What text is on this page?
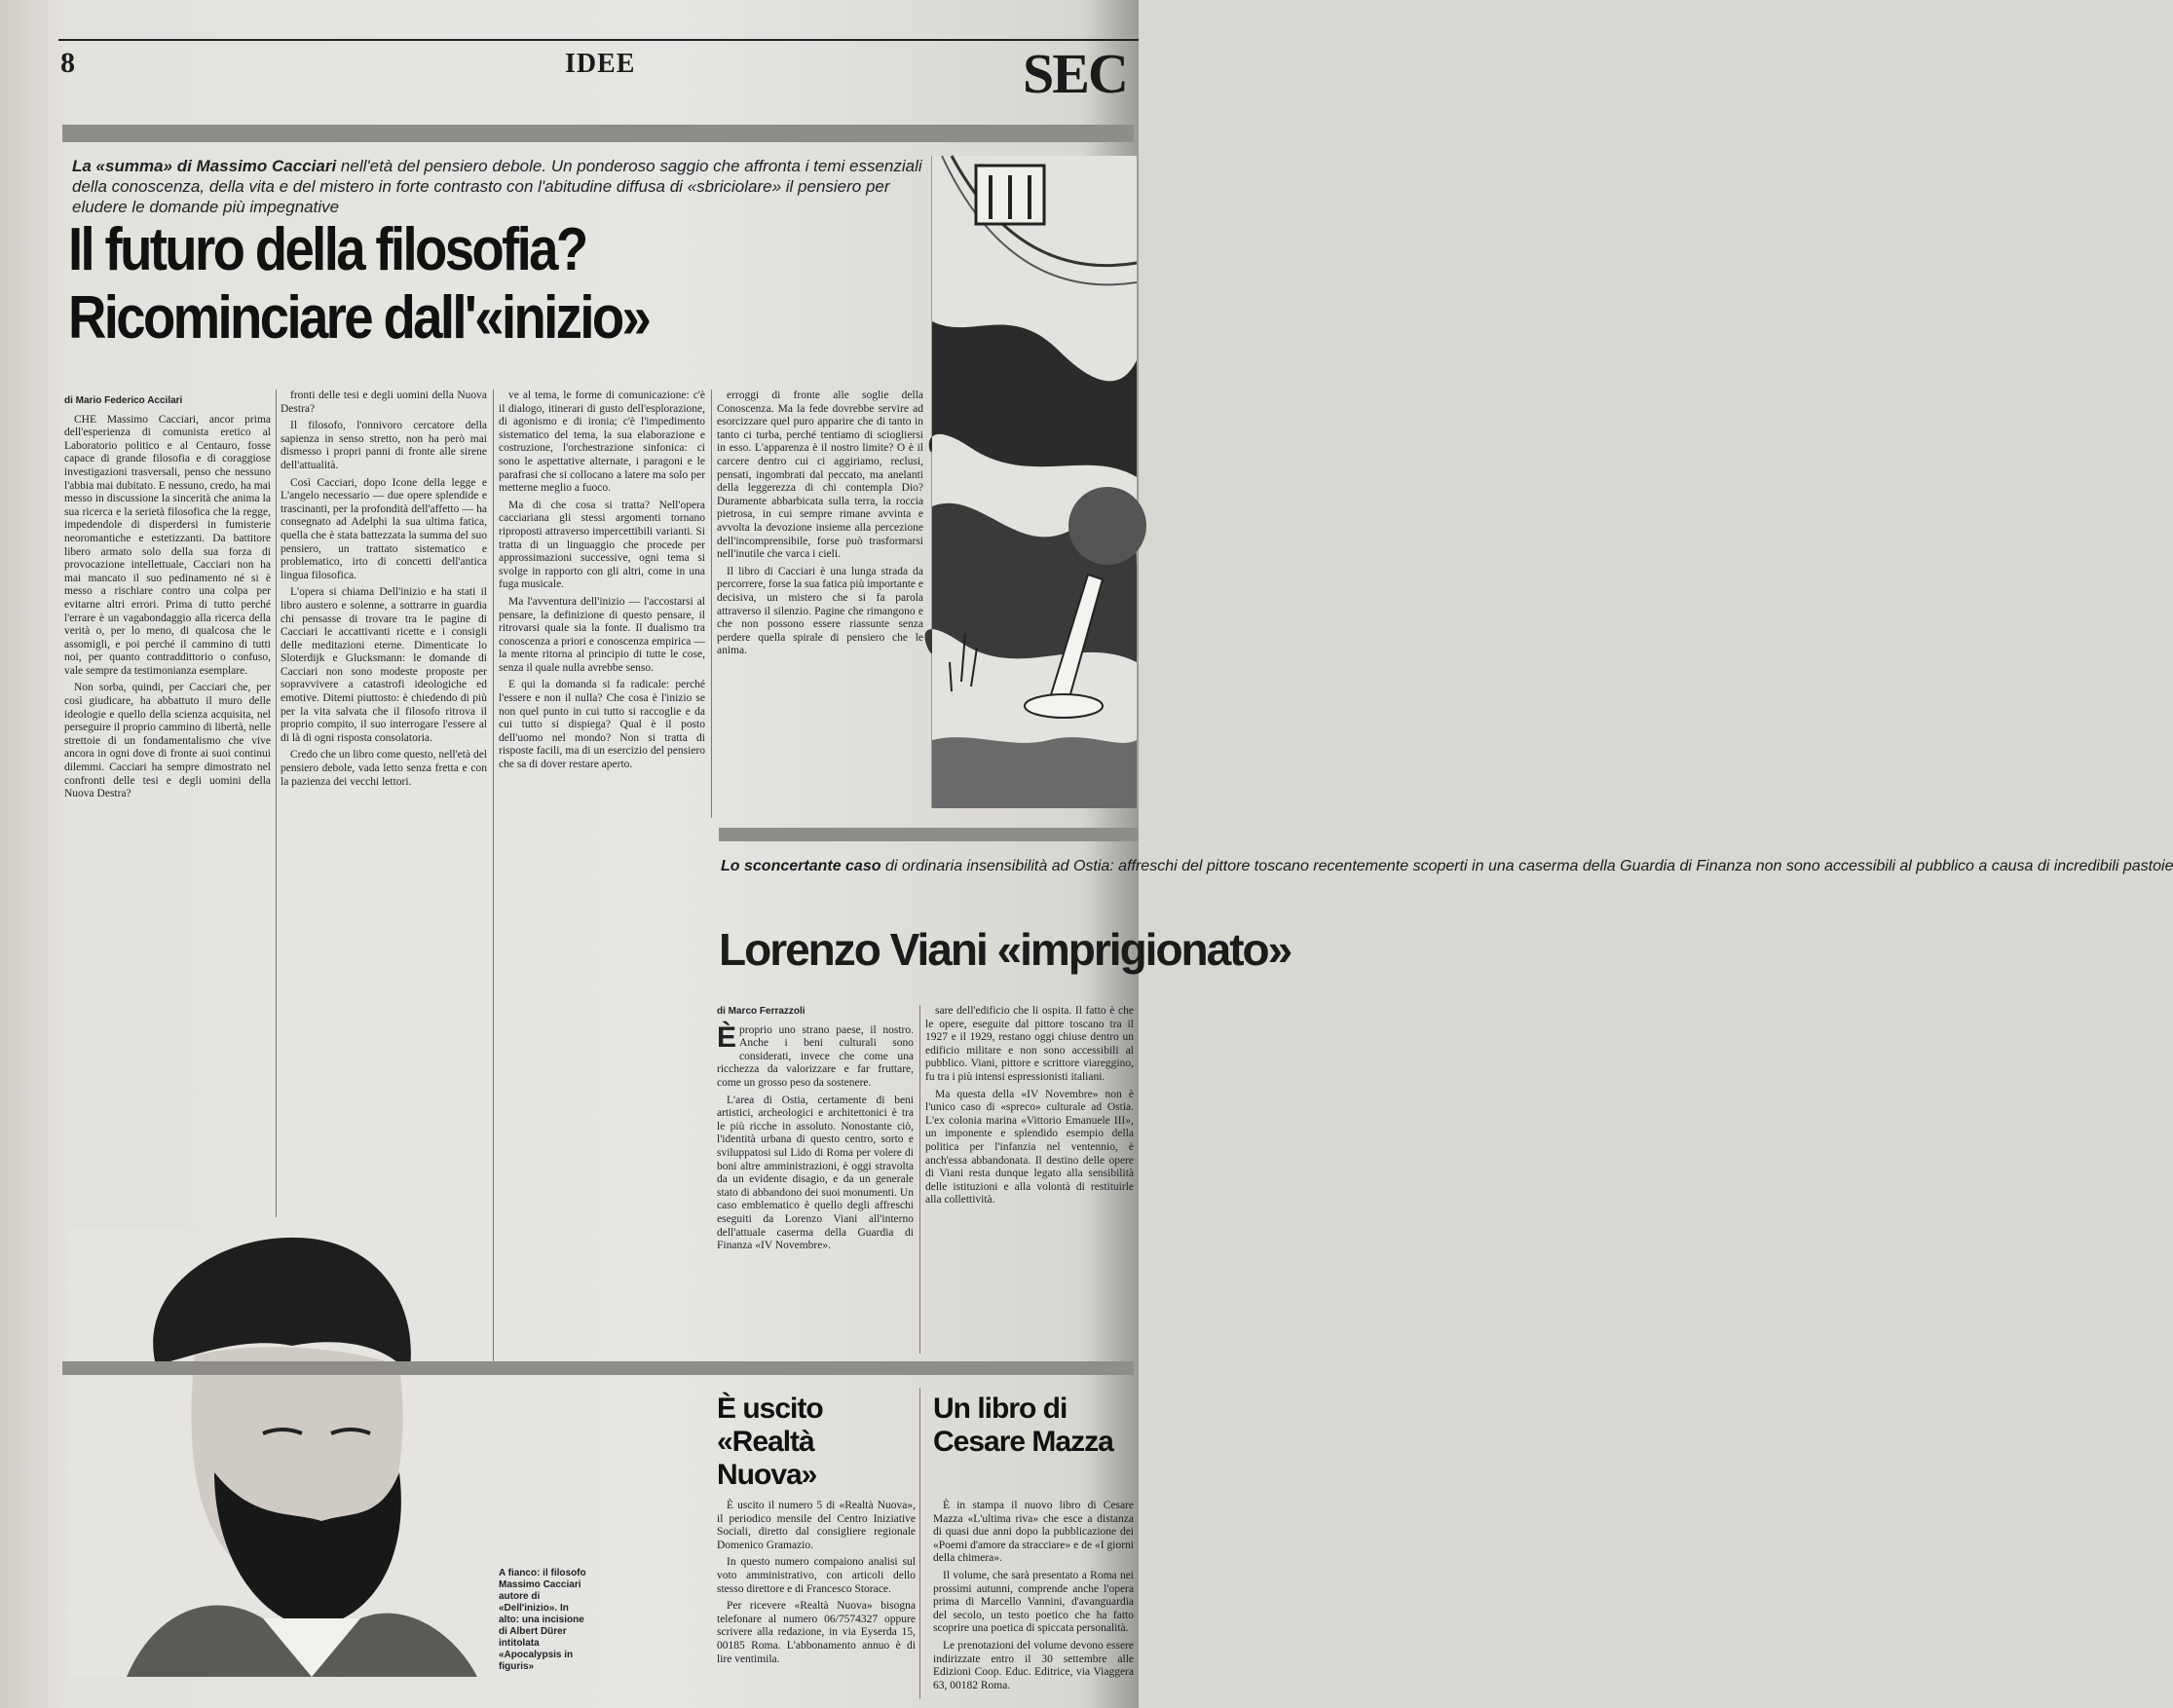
8	IDEE	SEC
La «summa» di Massimo Cacciari nell'età del pensiero debole. Un ponderoso saggio che affronta i temi essenziali della conoscenza, della vita e del mistero in forte contrasto con l'abitudine diffusa di «sbriciolare» il pensiero per eludere le domande più impegnative
Il futuro della filosofia?
Ricominciare dall'«inizio»
di Mario Federico Accilari

CHE Massimo Cacciari, ancor prima dell'esperienza di comunista eretico al Laboratorio politico e al Centauro, fosse capace di grande filosofia e di coraggiose investigazioni trasversali, penso che nessuno l'abbia mai dubitato. E nessuno, credo, ha mai messo in discussione la sincerità che anima la sua ricerca e la serietà filosofica che la regge, impedendole di disperdersi in fumisterie neoromantiche e estetizzanti. Da battitore libero armato solo della sua forza di provocazione intellettuale, Cacciari non ha mai mancato il suo pedinamento né si è messo a rischiare contro una colpa per evitarne altri errori. Prima di tutto perché l'errare è un vagabondaggio alla ricerca della verità o, per lo meno, di qualcosa che le assomigli, e poi perché il cammino di tutti noi, per quanto contraddittorio o confuso, vale sempre da testimonianza esemplare.

Non sorba, quindi, per Cacciari che, per così giudicare, ha abbattuto il muro delle ideologie e quello della scienza acquisita, nel perseguire il proprio cammino di libertà, nelle strettoie di un fondamentalismo che vive ancora in ogni dove di fronte ai suoi continui dilemmi. Cacciari ha sempre dimostrato nel confronti delle tesi e degli uomini della Nuova Destra?

fronti delle tesi e degli uomini della Nuova Destra?

Il filosofo, l'onnivoro cercatore della sapienza in senso stretto, non ha però mai dismesso i propri panni di fronte alle sirene dell'attualità.

Così Cacciari, dopo Icone della legge e L'angelo necessario — due opere splendide e trascinanti, per la profondità dell'affetto — ha consegnato ad Adelphi la sua ultima fatica, quella che è stata battezzata la summa del suo pensiero, un trattato sistematico e problematico, irto di concetti dell'antica lingua filosofica.

L'opera si chiama Dell'inizio e ha stati il libro austero e solenne, a sottrarre in guardia chi pensasse di trovare tra le pagine di Cacciari le accattivanti ricette e i consigli delle meditazioni eterne. Dimenticate lo Sloterdijk e Glucksmann: le domande di Cacciari non sono modeste proposte per sopravvivere a catastrofi ideologiche ed emotive. Ditemi piuttosto: è chiedendo di più per la vita salvata che il filosofo ritrova il proprio compito, il suo interrogare l'essere al di là di ogni risposta consolatoria.

Credo che un libro come questo, nell'età del pensiero debole, vada letto senza fretta e con la pazienza dei vecchi lettori.

ve al tema, le forme di comunicazione: c'è il dialogo, itinerari di gusto dell'esplorazione, di agonismo e di ironia; c'è l'impedimento sistematico del tema, la sua elaborazione e costruzione, l'orchestrazione sinfonica: ci sono le aspettative alternate, i paragoni e le parafrasi che si collocano a latere ma solo per metterne meglio a fuoco.

Ma di che cosa si tratta? Nell'opera cacciariana gli stessi argomenti tornano riproposti attraverso impercettibili varianti. Si tratta di un linguaggio che procede per approssimazioni successive, ogni tema si svolge in rapporto con gli altri, come in una fuga musicale.

Ma l'avventura dell'inizio — l'accostarsi al pensare, la definizione di questo pensare, il ritrovarsi quale sia la fonte. Il dualismo tra conoscenza a priori e conoscenza empirica — la mente ritorna al principio di tutte le cose, senza il quale nulla avrebbe senso.

E qui la domanda si fa radicale: perché l'essere e non il nulla? Che cosa è l'inizio se non quel punto in cui tutto si raccoglie e da cui tutto si dispiega? Qual è il posto dell'uomo nel mondo? Non si tratta di risposte facili, ma di un esercizio del pensiero che sa di dover restare aperto.

erroggi di fronte alle soglie della Conoscenza. Ma la fede dovrebbe servire ad esorcizzare quel puro apparire che di tanto in tanto ci turba, perché tentiamo di sciogliersi in esso. L'apparenza è il nostro limite? O è il carcere dentro cui ci aggiriamo, reclusi, pensati, ingombrati dal peccato, ma anelanti della leggerezza di chi contempla Dio? Duramente abbarbicata sulla terra, la roccia pietrosa, in cui sempre rimane avvinta e avvolta la devozione insieme alla percezione dell'incomprensibile, forse può trasformarsi nell'inutile che varca i cieli.

Il libro di Cacciari è una lunga strada da percorrere, forse la sua fatica più importante e decisiva, un mistero che si fa parola attraverso il silenzio. Pagine che rimangono e che non possono essere riassunte senza perdere quella spirale di pensiero che le anima.

A fianco: il filosofo Massimo Cacciari autore di «Dell'inizio». In alto: una incisione di Albert Dürer intitolata «Apocalypsis in figuris»
Lo sconcertante caso di ordinaria insensibilità ad Ostia: affreschi del pittore toscano recentemente scoperti in una caserma della Guardia di Finanza non sono accessibili al pubblico a causa di incredibili pastoie
Lorenzo Viani «imprigionato»
di Marco Ferrazzoli
È proprio uno strano paese, il nostro. Anche i beni culturali sono considerati, invece che come una ricchezza da valorizzare e far fruttare, come un grosso peso da sostenere.

L'area di Ostia, certamente di beni artistici, archeologici e architettonici è tra le più ricche in assoluto. Nonostante ciò, l'identità urbana di questo centro, sorto e sviluppatosi sul Lido di Roma per volere di boni altre amministrazioni, è oggi stravolta da un evidente disagio, e da un generale stato di abbandono dei suoi monumenti. Un caso emblematico è quello degli affreschi eseguiti da Lorenzo Viani all'interno dell'attuale caserma della Guardia di Finanza «IV Novembre».

sare dell'edificio che li ospita. Il fatto è che le opere, eseguite dal pittore toscano tra il 1927 e il 1929, restano oggi chiuse dentro un edificio militare e non sono accessibili al pubblico. Viani, pittore e scrittore viareggino, fu tra i più intensi espressionisti italiani.

Ma questa della «IV Novembre» non è l'unico caso di «spreco» culturale ad Ostia. L'ex colonia marina «Vittorio Emanuele III», un imponente e splendido esempio della politica per l'infanzia nel ventennio, è anch'essa abbandonata. Il destino delle opere di Viani resta dunque legato alla sensibilità delle istituzioni e alla volontà di restituirle alla collettività.

È uscito «Realtà Nuova»

È uscito il numero 5 di «Realtà Nuova», il periodico mensile del Centro Iniziative Sociali, diretto dal consigliere regionale Domenico Gramazio.

In questo numero compaiono analisi sul voto amministrativo, con articoli dello stesso direttore e di Francesco Storace.

Per ricevere «Realtà Nuova» bisogna telefonare al numero 06/7574327 oppure scrivere alla redazione, in via Eyserda 15, 00185 Roma. L'abbonamento annuo è di lire ventimila.

Un libro di Cesare Mazza

È in stampa il nuovo libro di Cesare Mazza «L'ultima riva» che esce a distanza di quasi due anni dopo la pubblicazione dei «Poemi d'amore da stracciare» e de «I giorni della chimera».

Il volume, che sarà presentato a Roma nei prossimi autunni, comprende anche l'opera prima di Marcello Vannini, d'avanguardia del secolo, un testo poetico che ha fatto scoprire una poetica di spiccata personalità.

Le prenotazioni del volume devono essere indirizzate entro il 30 settembre alle Edizioni Coop. Educ. Editrice, via Viaggera 63, 00182 Roma.
